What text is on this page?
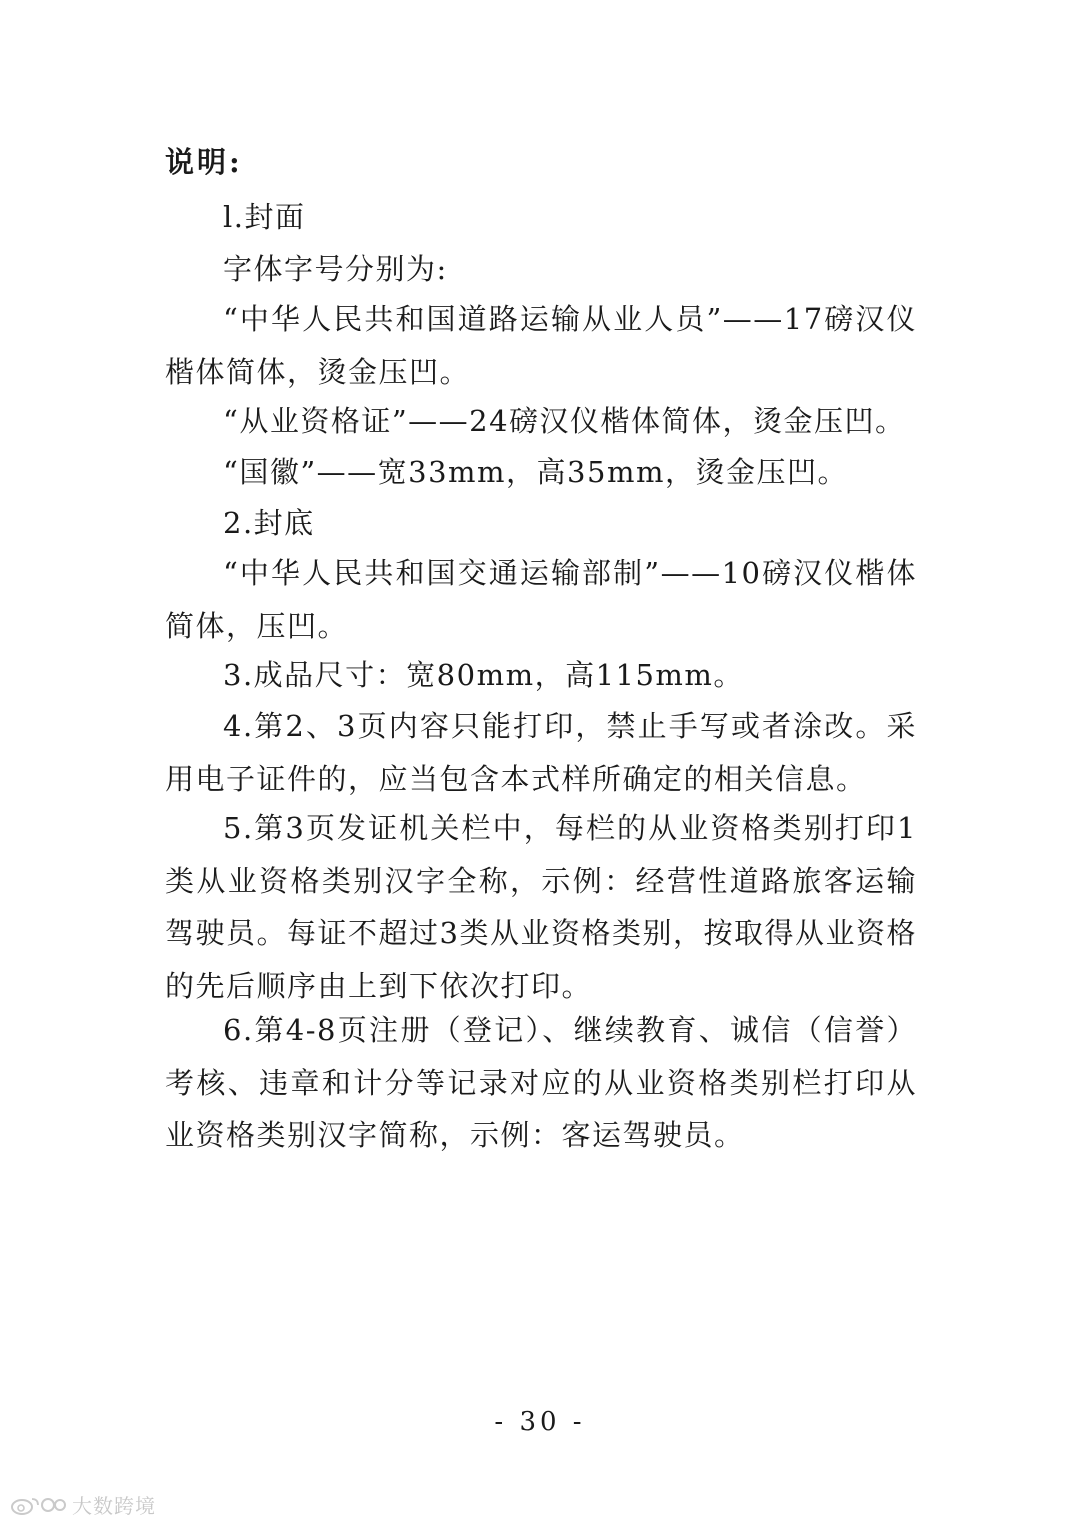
说明:
l.封面
字体字号分别为:
“中华人民共和国道路运输从业人员”——17磅汉仪楷体简体，烫金压凹。
“从业资格证”——24磅汉仪楷体简体，烫金压凹。
“国徽”——宽33mm，高35mm，烫金压凹。
2.封底
“中华人民共和国交通运输部制”——10磅汉仪楷体简体，压凹。
3.成品尺寸：宽80mm，高115mm。
4.第2、3页内容只能打印，禁止手写或者涂改。采用电子证件的，应当包含本式样所确定的相关信息。
5.第3页发证机关栏中，每栏的从业资格类别打印1类从业资格类别汉字全称，示例：经营性道路旅客运输驾驶员。每证不超过3类从业资格类别，按取得从业资格的先后顺序由上到下依次打印。
6.第4-8页注册（登记）、继续教育、诚信（信誉）考核、违章和计分等记录对应的从业资格类别栏打印从业资格类别汉字简称，示例：客运驾驶员。
- 30 -
大数跨境
